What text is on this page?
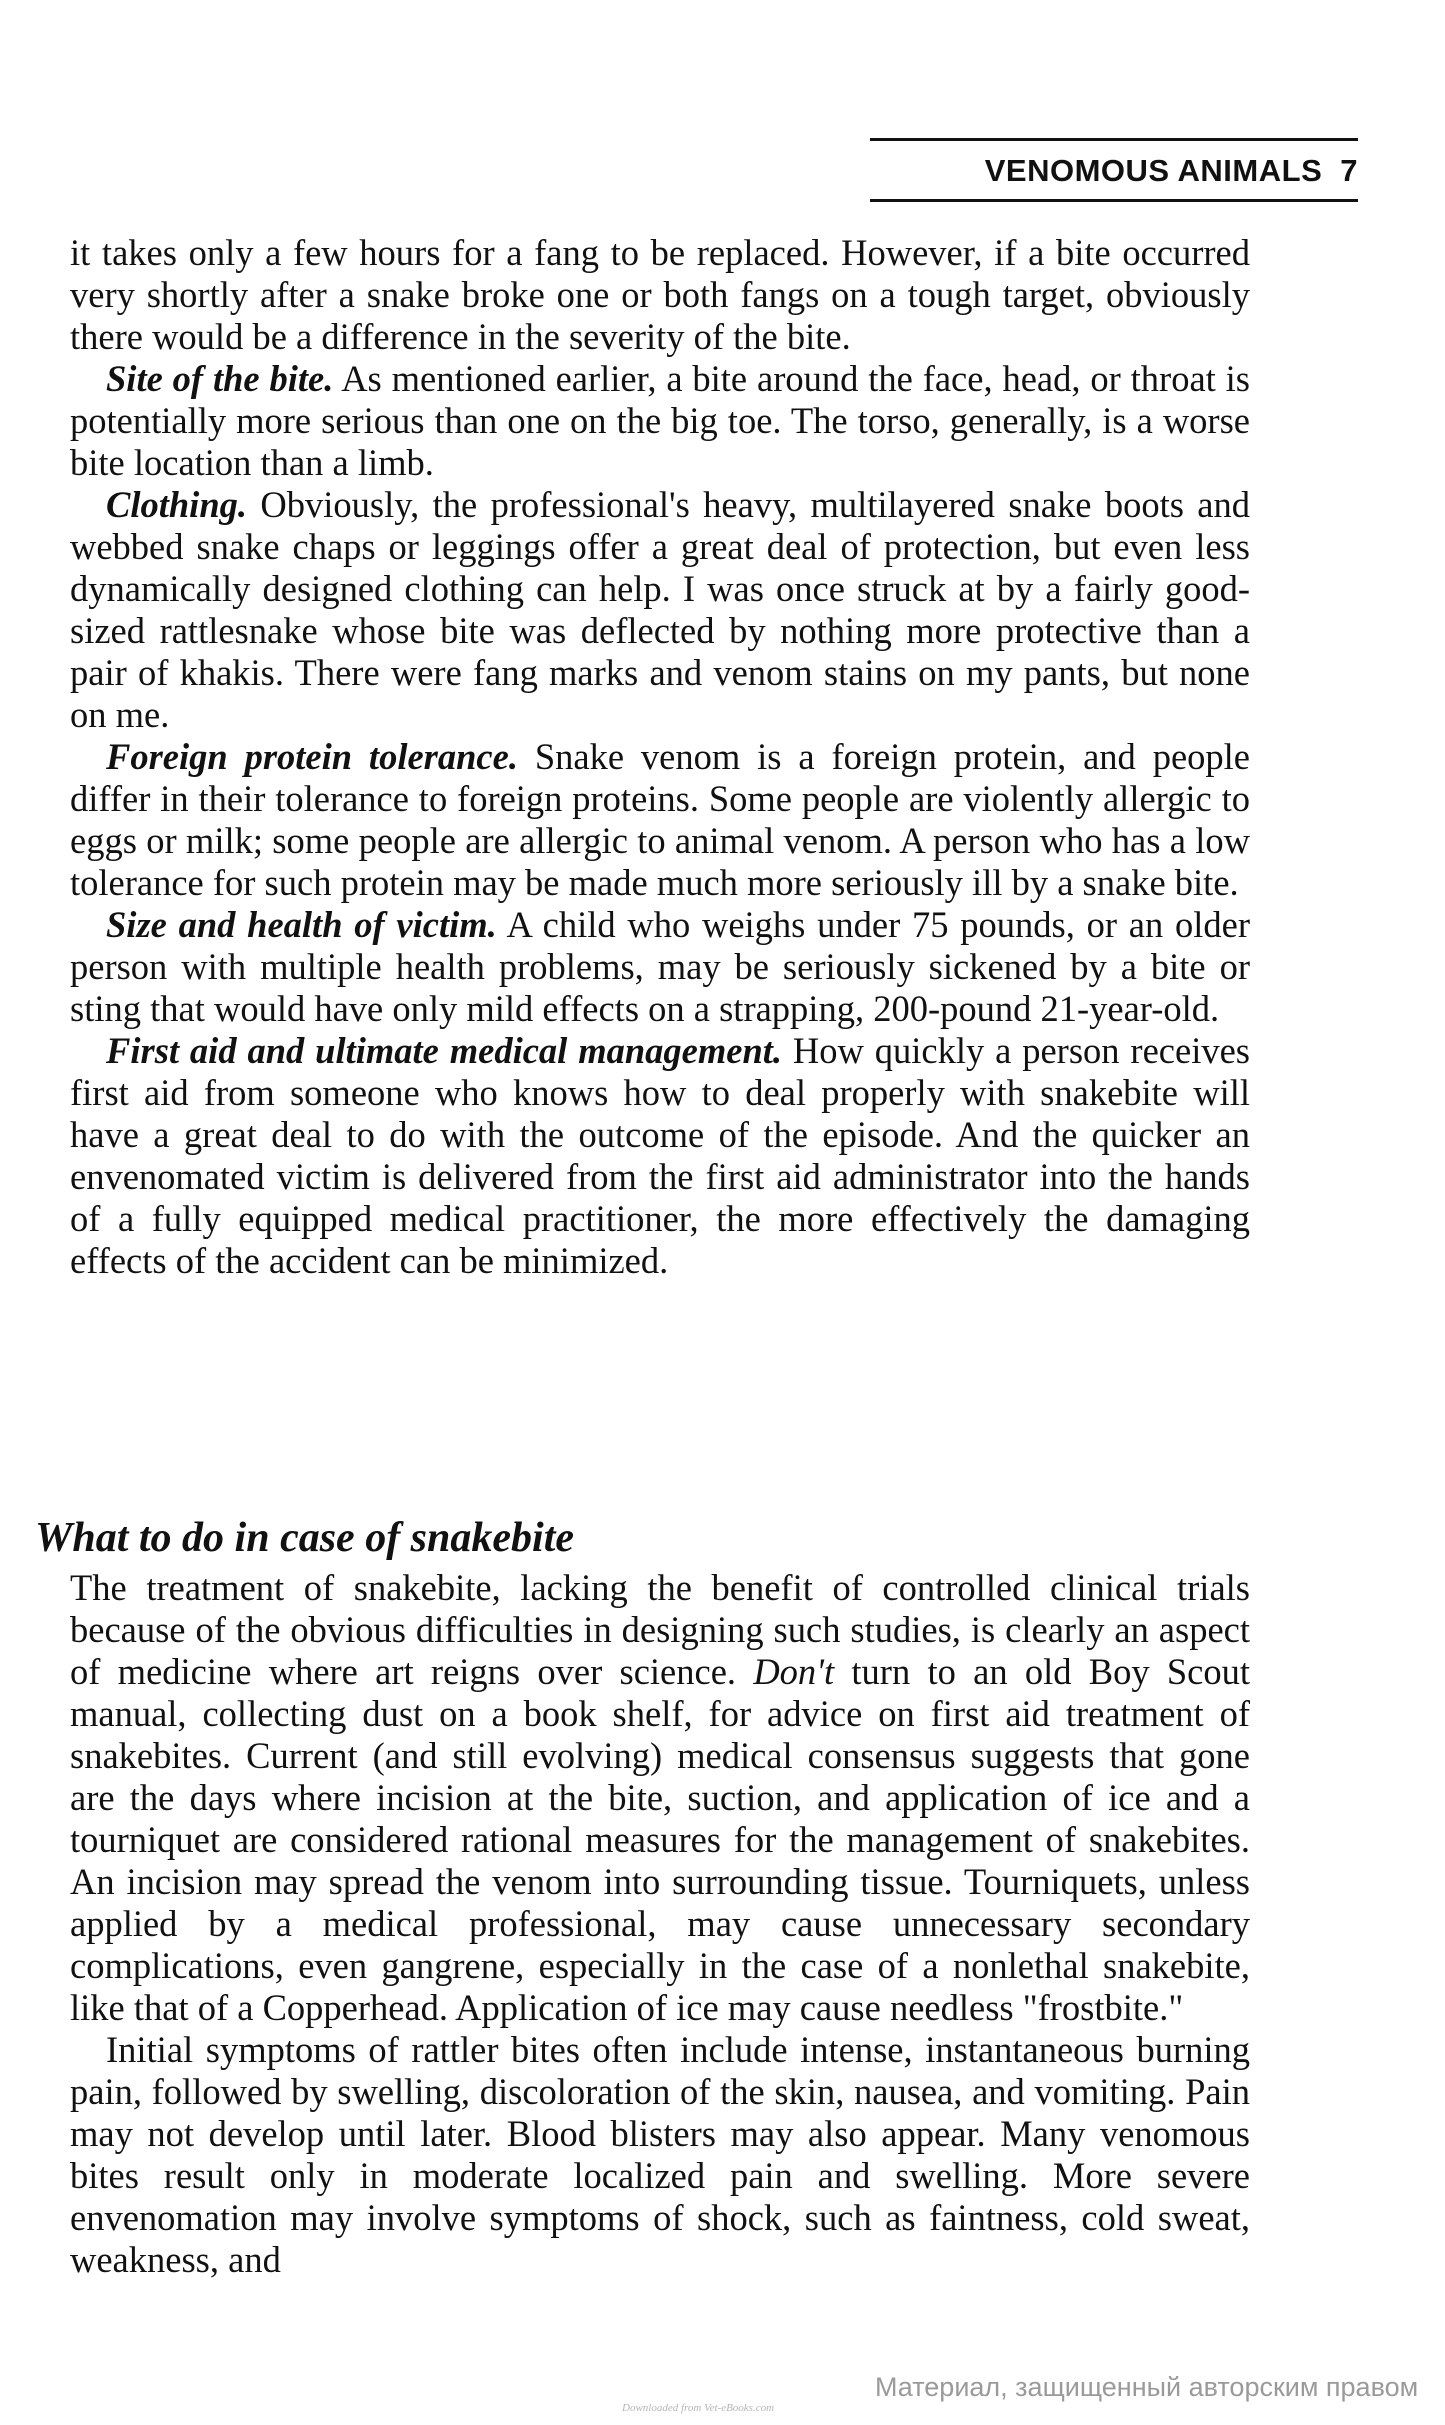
VENOMOUS ANIMALS 7

it takes only a few hours for a fang to be replaced. However, if a bite occurred very shortly after a snake broke one or both fangs on a tough target, obviously there would be a difference in the severity of the bite.

Site of the bite. As mentioned earlier, a bite around the face, head, or throat is potentially more serious than one on the big toe. The torso, generally, is a worse bite location than a limb.

Clothing. Obviously, the professional's heavy, multilayered snake boots and webbed snake chaps or leggings offer a great deal of protection, but even less dynamically designed clothing can help. I was once struck at by a fairly good-sized rattlesnake whose bite was deflected by nothing more protective than a pair of khakis. There were fang marks and venom stains on my pants, but none on me.

Foreign protein tolerance. Snake venom is a foreign protein, and people differ in their tolerance to foreign proteins. Some people are violently allergic to eggs or milk; some people are allergic to animal venom. A person who has a low tolerance for such protein may be made much more seriously ill by a snake bite.

Size and health of victim. A child who weighs under 75 pounds, or an older person with multiple health problems, may be seriously sickened by a bite or sting that would have only mild effects on a strapping, 200-pound 21-year-old.

First aid and ultimate medical management. How quickly a person receives first aid from someone who knows how to deal properly with snakebite will have a great deal to do with the outcome of the episode. And the quicker an envenomated victim is delivered from the first aid administrator into the hands of a fully equipped medical practitioner, the more effectively the damaging effects of the accident can be minimized.

What to do in case of snakebite

The treatment of snakebite, lacking the benefit of controlled clinical trials because of the obvious difficulties in designing such studies, is clearly an aspect of medicine where art reigns over science. Don't turn to an old Boy Scout manual, collecting dust on a book shelf, for advice on first aid treatment of snakebites. Current (and still evolving) medical consensus suggests that gone are the days where incision at the bite, suction, and application of ice and a tourniquet are considered rational measures for the management of snakebites. An incision may spread the venom into surrounding tissue. Tourniquets, unless applied by a medical professional, may cause unnecessary secondary complications, even gangrene, especially in the case of a nonlethal snakebite, like that of a Copperhead. Application of ice may cause needless "frostbite."

Initial symptoms of rattler bites often include intense, instantaneous burning pain, followed by swelling, discoloration of the skin, nausea, and vomiting. Pain may not develop until later. Blood blisters may also appear. Many venomous bites result only in moderate localized pain and swelling. More severe envenomation may involve symptoms of shock, such as faintness, cold sweat, weakness, and

Материал, защищенный авторским правом
Downloaded from Vet-eBooks.com
